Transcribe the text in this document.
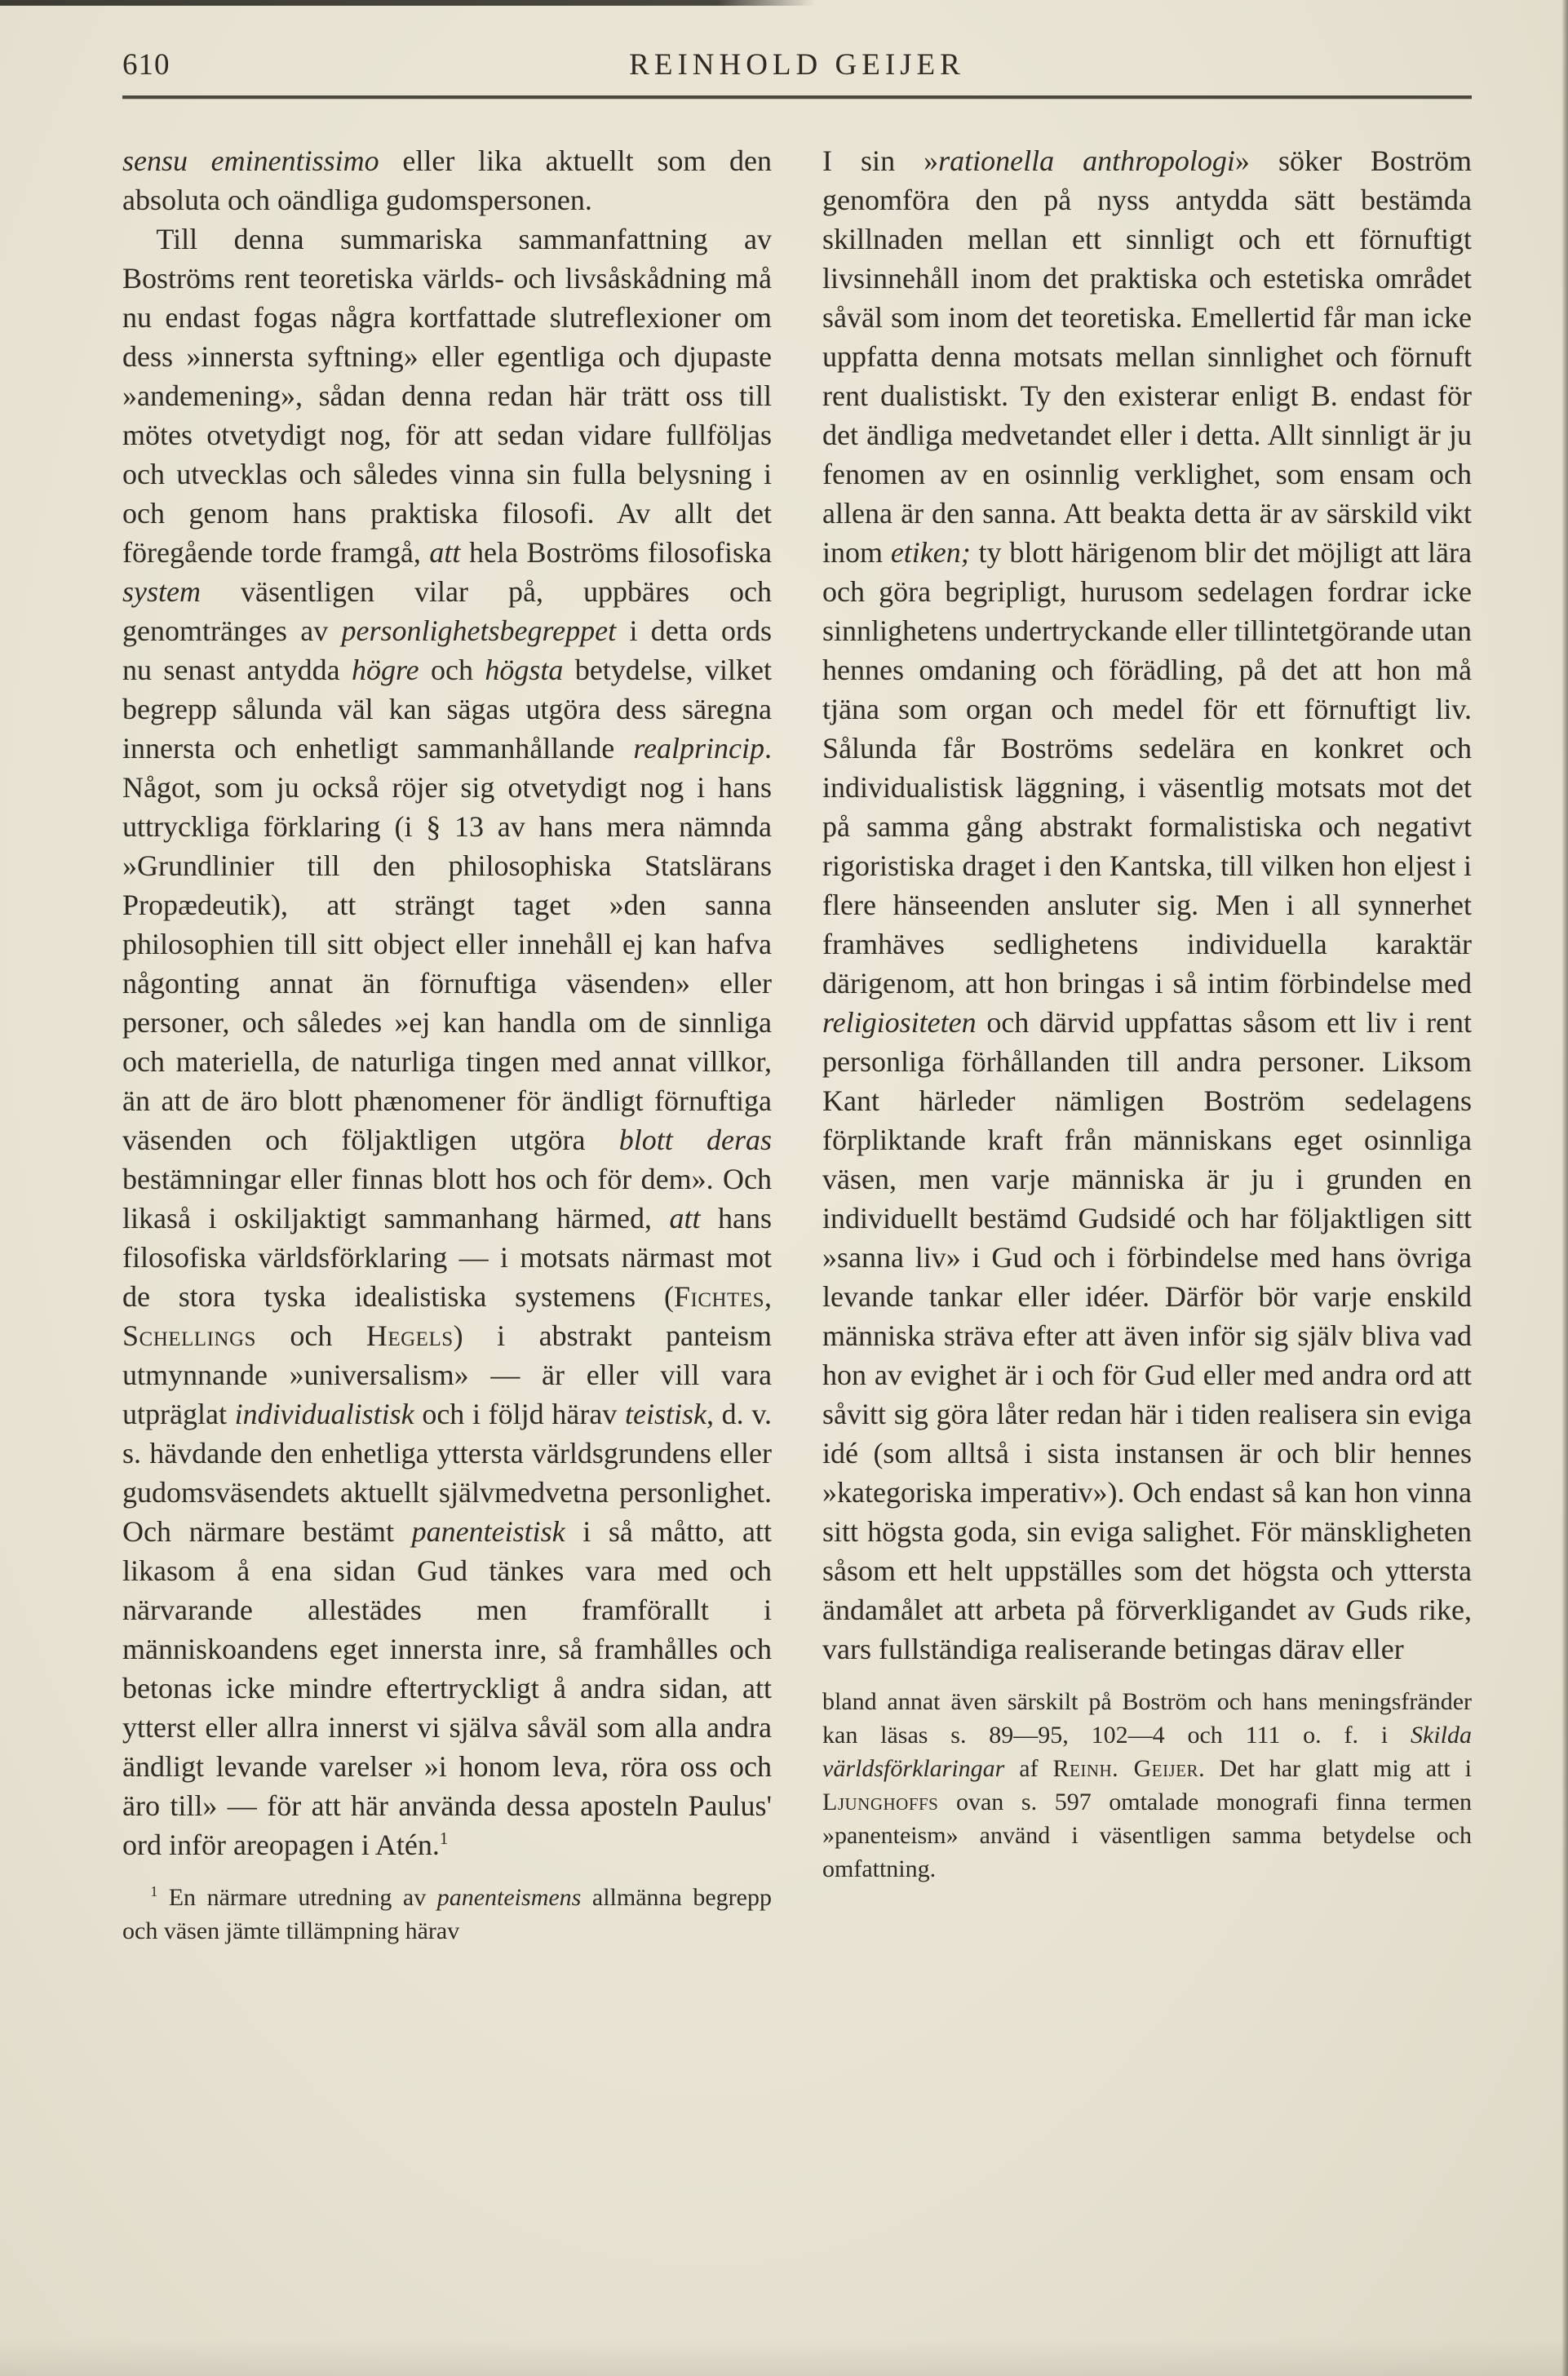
610	REINHOLD GEIJER

sensu eminentissimo eller lika aktuellt som den absoluta och oändliga gudomspersonen.

Till denna summariska sammanfattning av Boströms rent teoretiska världs- och livsåskådning må nu endast fogas några kortfattade slutreflexioner om dess »innersta syftning» eller egentliga och djupaste »andemening», sådan denna redan här trätt oss till mötes otvetydigt nog, för att sedan vidare fullföljas och utvecklas och således vinna sin fulla belysning i och genom hans praktiska filosofi. Av allt det föregående torde framgå, att hela Boströms filosofiska system väsentligen vilar på, uppbäres och genomtränges av personlighetsbegreppet i detta ords nu senast antydda högre och högsta betydelse, vilket begrepp sålunda väl kan sägas utgöra dess säregna innersta och enhetligt sammanhållande realprincip. Något, som ju också röjer sig otvetydigt nog i hans uttryckliga förklaring (i § 13 av hans mera nämnda »Grundlinier till den philosophiska Statslärans Propædeutik), att strängt taget »den sanna philosophien till sitt object eller innehåll ej kan hafva någonting annat än förnuftiga väsenden» eller personer, och således »ej kan handla om de sinnliga och materiella, de naturliga tingen med annat villkor, än att de äro blott phænomener för ändligt förnuftiga väsenden och följaktligen utgöra blott deras bestämningar eller finnas blott hos och för dem». Och likaså i oskiljaktigt sammanhang härmed, att hans filosofiska världsförklaring — i motsats närmast mot de stora tyska idealistiska systemens (Fichtes, Schellings och Hegels) i abstrakt panteism utmynnande »universalism» — är eller vill vara utpräglat individualistisk och i följd härav teistisk, d. v. s. hävdande den enhetliga yttersta världsgrundens eller gudomsväsendets aktuellt självmedvetna personlighet. Och närmare bestämt panenteistisk i så måtto, att likasom å ena sidan Gud tänkes vara med och närvarande allestädes men framförallt i människoandens eget innersta inre, så framhålles och betonas icke mindre eftertryckligt å andra sidan, att ytterst eller allra innerst vi själva såväl som alla andra ändligt levande varelser »i honom leva, röra oss och äro till» — för att här använda dessa aposteln Paulus' ord inför areopagen i Atén.$^1$

$^1$ En närmare utredning av panenteismens allmänna begrepp och väsen jämte tillämpning härav

I sin »rationella anthropologi» söker Boström genomföra den på nyss antydda sätt bestämda skillnaden mellan ett sinnligt och ett förnuftigt livsinnehåll inom det praktiska och estetiska området såväl som inom det teoretiska. Emellertid får man icke uppfatta denna motsats mellan sinnlighet och förnuft rent dualistiskt. Ty den existerar enligt B. endast för det ändliga medvetandet eller i detta. Allt sinnligt är ju fenomen av en osinnlig verklighet, som ensam och allena är den sanna. Att beakta detta är av särskild vikt inom etiken; ty blott härigenom blir det möjligt att lära och göra begripligt, hurusom sedelagen fordrar icke sinnlighetens undertryckande eller tillintetgörande utan hennes omdaning och förädling, på det att hon må tjäna som organ och medel för ett förnuftigt liv. Sålunda får Boströms sedelära en konkret och individualistisk läggning, i väsentlig motsats mot det på samma gång abstrakt formalistiska och negativt rigoristiska draget i den Kantska, till vilken hon eljest i flere hänseenden ansluter sig. Men i all synnerhet framhäves sedlighetens individuella karaktär därigenom, att hon bringas i så intim förbindelse med religiositeten och därvid uppfattas såsom ett liv i rent personliga förhållanden till andra personer. Liksom Kant härleder nämligen Boström sedelagens förpliktande kraft från människans eget osinnliga väsen, men varje människa är ju i grunden en individuellt bestämd Gudsidé och har följaktligen sitt »sanna liv» i Gud och i förbindelse med hans övriga levande tankar eller idéer. Därför bör varje enskild människa sträva efter att även inför sig själv bliva vad hon av evighet är i och för Gud eller med andra ord att såvitt sig göra låter redan här i tiden realisera sin eviga idé (som alltså i sista instansen är och blir hennes »kategoriska imperativ»). Och endast så kan hon vinna sitt högsta goda, sin eviga salighet. För mänskligheten såsom ett helt uppställes som det högsta och yttersta ändamålet att arbeta på förverkligandet av Guds rike, vars fullständiga realiserande betingas därav eller

bland annat även särskilt på Boström och hans meningsfränder kan läsas s. 89—95, 102—4 och 111 o. f. i Skilda världsförklaringar af Reinh. Geijer. Det har glatt mig att i Ljunghoffs ovan s. 597 omtalade monografi finna termen »panenteism» använd i väsentligen samma betydelse och omfattning.
